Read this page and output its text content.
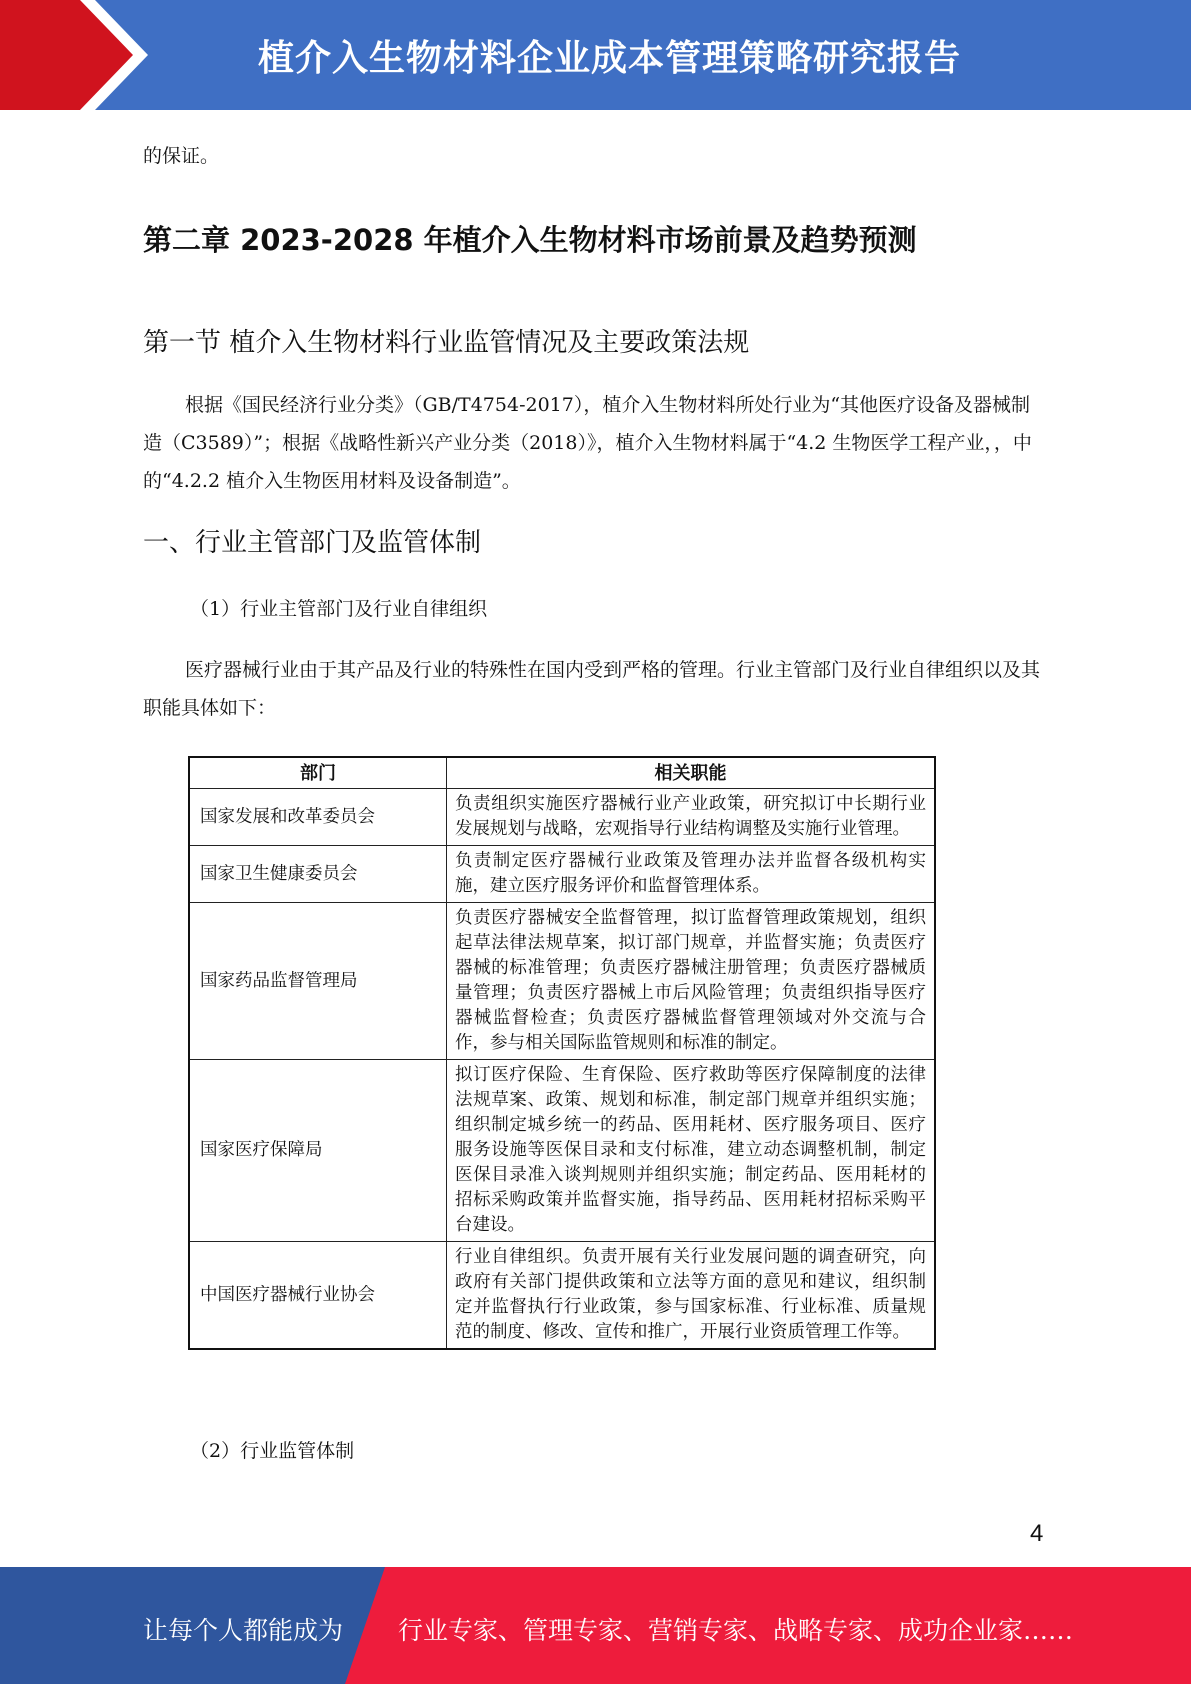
植介入生物材料企业成本管理策略研究报告

的保证。

第二章 2023-2028 年植介入生物材料市场前景及趋势预测
第一节 植介入生物材料行业监管情况及主要政策法规

根据《国民经济行业分类》（GB/T4754-2017），植介入生物材料所处行业为“其他医疗设备及器械制造（C3589）”；根据《战略性新兴产业分类（2018）》，植介入生物材料属于“4.2 生物医学工程产业，，中的“4.2.2 植介入生物医用材料及设备制造”。

一、行业主管部门及监管体制

（1）行业主管部门及行业自律组织

医疗器械行业由于其产品及行业的特殊性在国内受到严格的管理。行业主管部门及行业自律组织以及其职能具体如下：

部门	相关职能
国家发展和改革委员会	负责组织实施医疗器械行业产业政策，研究拟订中长期行业发展规划与战略，宏观指导行业结构调整及实施行业管理。
国家卫生健康委员会	负责制定医疗器械行业政策及管理办法并监督各级机构实施，建立医疗服务评价和监督管理体系。
国家药品监督管理局	负责医疗器械安全监督管理，拟订监督管理政策规划，组织起草法律法规草案，拟订部门规章，并监督实施；负责医疗器械的标准管理；负责医疗器械注册管理；负责医疗器械质量管理；负责医疗器械上市后风险管理；负责组织指导医疗器械监督检查；负责医疗器械监督管理领域对外交流与合作，参与相关国际监管规则和标准的制定。
国家医疗保障局	拟订医疗保险、生育保险、医疗救助等医疗保障制度的法律法规草案、政策、规划和标准，制定部门规章并组织实施；组织制定城乡统一的药品、医用耗材、医疗服务项目、医疗服务设施等医保目录和支付标准，建立动态调整机制，制定医保目录准入谈判规则并组织实施；制定药品、医用耗材的招标采购政策并监督实施，指导药品、医用耗材招标采购平台建设。
中国医疗器械行业协会	行业自律组织。负责开展有关行业发展问题的调查研究，向政府有关部门提供政策和立法等方面的意见和建议，组织制定并监督执行行业政策，参与国家标准、行业标准、质量规范的制度、修改、宣传和推广，开展行业资质管理工作等。

（2）行业监管体制

4
让每个人都能成为 行业专家、管理专家、营销专家、战略专家、成功企业家……
